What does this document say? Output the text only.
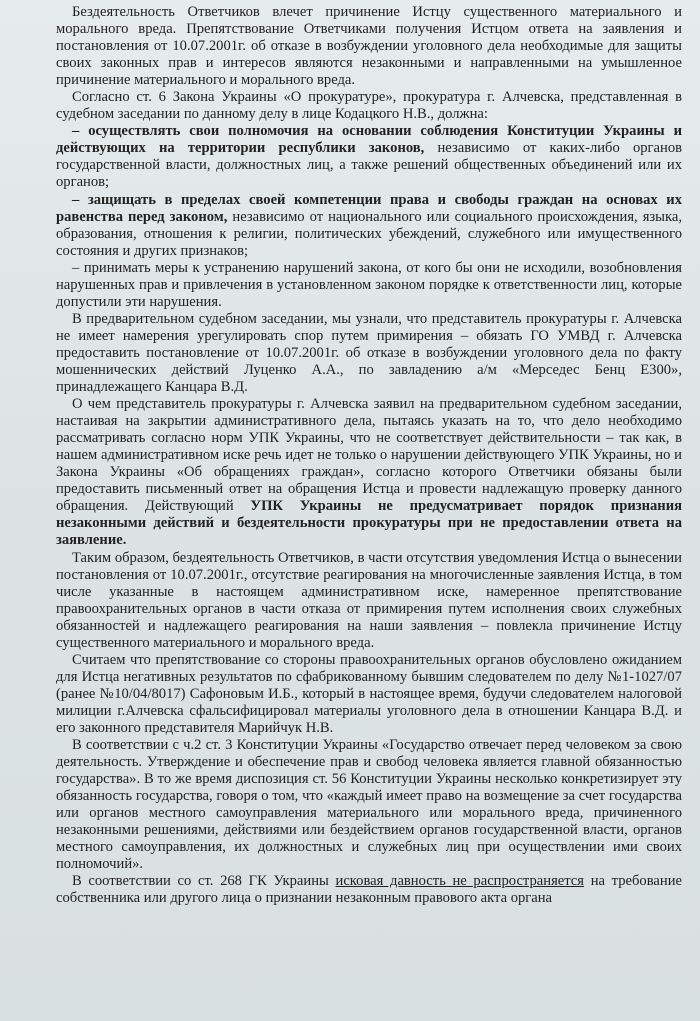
Бездеятельность Ответчиков влечет причинение Истцу существенного материального и морального вреда. Препятствование Ответчиками получения Истцом ответа на заявления и постановления от 10.07.2001г. об отказе в возбуждении уголовного дела необходимые для защиты своих законных прав и интересов являются незаконными и направленными на умышленное причинение материального и морального вреда.

Согласно ст. 6 Закона Украины «О прокуратуре», прокуратура г. Алчевска, представленная в судебном заседании по данному делу в лице Кодацкого Н.В., должна:

– осуществлять свои полномочия на основании соблюдения Конституции Украины и действующих на территории республики законов, независимо от каких-либо органов государственной власти, должностных лиц, а также решений общественных объединений или их органов;

– защищать в пределах своей компетенции права и свободы граждан на основах их равенства перед законом, независимо от национального или социального происхождения, языка, образования, отношения к религии, политических убеждений, служебного или имущественного состояния и других признаков;

– принимать меры к устранению нарушений закона, от кого бы они не исходили, возобновления нарушенных прав и привлечения в установленном законом порядке к ответственности лиц, которые допустили эти нарушения.

В предварительном судебном заседании, мы узнали, что представитель прокуратуры г. Алчевска не имеет намерения урегулировать спор путем примирения – обязать ГО УМВД г. Алчевска предоставить постановление от 10.07.2001г. об отказе в возбуждении уголовного дела по факту мошеннических действий Луценко А.А., по завладению а/м «Мерседес Бенц Е300», принадлежащего Канцара В.Д.

О чем представитель прокуратуры г. Алчевска заявил на предварительном судебном заседании, настаивая на закрытии административного дела, пытаясь указать на то, что дело необходимо рассматривать согласно норм УПК Украины, что не соответствует действительности – так как, в нашем административном иске речь идет не только о нарушении действующего УПК Украины, но и Закона Украины «Об обращениях граждан», согласно которого Ответчики обязаны были предоставить письменный ответ на обращения Истца и провести надлежащую проверку данного обращения. Действующий УПК Украины не предусматривает порядок признания незаконными действий и бездеятельности прокуратуры при не предоставлении ответа на заявление.

Таким образом, бездеятельность Ответчиков, в части отсутствия уведомления Истца о вынесении постановления от 10.07.2001г., отсутствие реагирования на многочисленные заявления Истца, в том числе указанные в настоящем административном иске, намеренное препятствование правоохранительных органов в части отказа от примирения путем исполнения своих служебных обязанностей и надлежащего реагирования на наши заявления – повлекла причинение Истцу существенного материального и морального вреда.

Считаем что препятствование со стороны правоохранительных органов обусловлено ожиданием для Истца негативных результатов по сфабрикованному бывшим следователем по делу №1-1027/07 (ранее №10/04/8017) Сафоновым И.Б., который в настоящее время, будучи следователем налоговой милиции г.Алчевска сфальсифицировал материалы уголовного дела в отношении Канцара В.Д. и его законного представителя Марийчук Н.В.

В соответствии с ч.2 ст. 3 Конституции Украины «Государство отвечает перед человеком за свою деятельность. Утверждение и обеспечение прав и свобод человека является главной обязанностью государства». В то же время диспозиция ст. 56 Конституции Украины несколько конкретизирует эту обязанность государства, говоря о том, что «каждый имеет право на возмещение за счет государства или органов местного самоуправления материального или морального вреда, причиненного незаконными решениями, действиями или бездействием органов государственной власти, органов местного самоуправления, их должностных и служебных лиц при осуществлении ими своих полномочий».

В соответствии со ст. 268 ГК Украины исковая давность не распространяется на требование собственника или другого лица о признании незаконным правового акта органа
